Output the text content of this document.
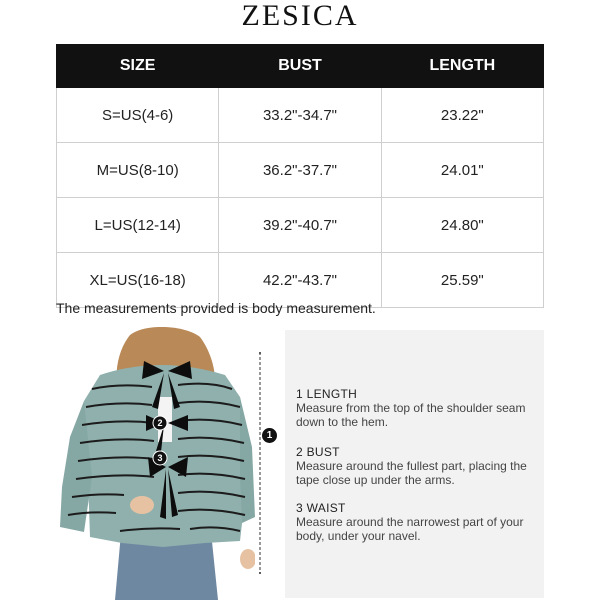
ZESICA
SIZE	BUST	LENGTH
S=US(4-6)	33.2"-34.7"	23.22"
M=US(8-10)	36.2"-37.7"	24.01"
L=US(12-14)	39.2"-40.7"	24.80"
XL=US(16-18)	42.2"-43.7"	25.59"
The measurements provided is body measurement.
2
3
1
1 LENGTH
Measure from the top of the shoulder seam down to the hem.
2 BUST
Measure around the fullest part, placing the tape close up under the arms.
3 WAIST
Measure around the narrowest part of your body, under your navel.
